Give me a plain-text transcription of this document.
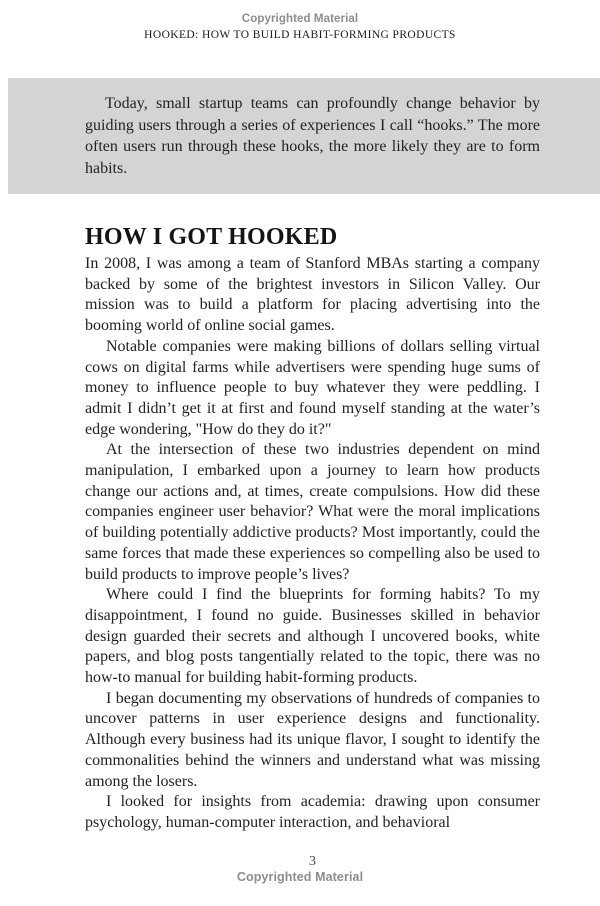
Copyrighted Material
HOOKED: HOW TO BUILD HABIT-FORMING PRODUCTS

Today, small startup teams can profoundly change behavior by guiding users through a series of experiences I call “hooks.” The more often users run through these hooks, the more likely they are to form habits.

HOW I GOT HOOKED

In 2008, I was among a team of Stanford MBAs starting a company backed by some of the brightest investors in Silicon Valley. Our mission was to build a platform for placing advertising into the booming world of online social games.

Notable companies were making billions of dollars selling virtual cows on digital farms while advertisers were spending huge sums of money to influence people to buy whatever they were peddling. I admit I didn’t get it at first and found myself standing at the water’s edge wondering, "How do they do it?"

At the intersection of these two industries dependent on mind manipulation, I embarked upon a journey to learn how products change our actions and, at times, create compulsions. How did these companies engineer user behavior? What were the moral implications of building potentially addictive products? Most importantly, could the same forces that made these experiences so compelling also be used to build products to improve people’s lives?

Where could I find the blueprints for forming habits? To my disappointment, I found no guide. Businesses skilled in behavior design guarded their secrets and although I uncovered books, white papers, and blog posts tangentially related to the topic, there was no how-to manual for building habit-forming products.

I began documenting my observations of hundreds of companies to uncover patterns in user experience designs and functionality. Although every business had its unique flavor, I sought to identify the commonalities behind the winners and understand what was missing among the losers.

I looked for insights from academia: drawing upon consumer psychology, human-computer interaction, and behavioral

3
Copyrighted Material
